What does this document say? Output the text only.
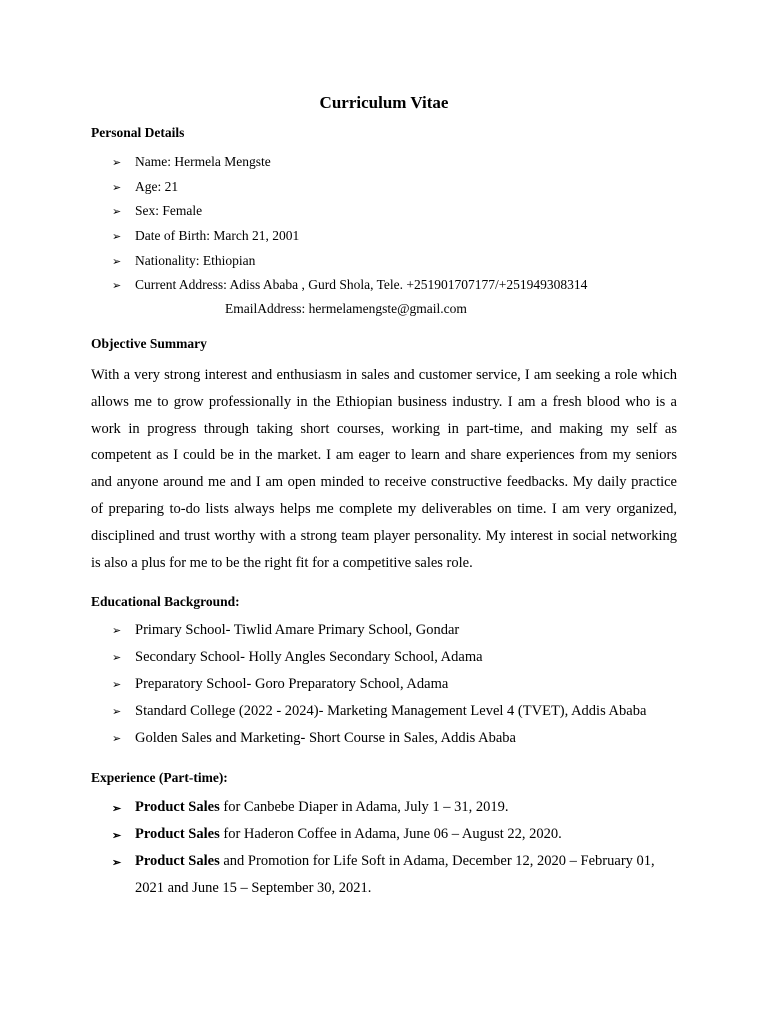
Curriculum Vitae
Personal Details
➢ Name: Hermela Mengste
➢ Age: 21
➢ Sex: Female
➢ Date of Birth: March 21, 2001
➢ Nationality: Ethiopian
➢ Current Address: Adiss Ababa , Gurd Shola, Tele. +251901707177/+251949308314
EmailAddress: hermelamengste@gmail.com
Objective Summary

With a very strong interest and enthusiasm in sales and customer service, I am seeking a role which allows me to grow professionally in the Ethiopian business industry. I am a fresh blood who is a work in progress through taking short courses, working in part-time, and making my self as competent as I could be in the market. I am eager to learn and share experiences from my seniors and anyone around me and I am open minded to receive constructive feedbacks. My daily practice of preparing to-do lists always helps me complete my deliverables on time. I am very organized, disciplined and trust worthy with a strong team player personality. My interest in social networking is also a plus for me to be the right fit for a competitive sales role.

Educational Background:
➢ Primary School- Tiwlid Amare Primary School, Gondar
➢ Secondary School- Holly Angles Secondary School, Adama
➢ Preparatory School- Goro Preparatory School, Adama
➢ Standard College (2022 - 2024)- Marketing Management Level 4 (TVET), Addis Ababa
➢ Golden Sales and Marketing- Short Course in Sales, Addis Ababa
Experience (Part-time):
➢ Product Sales for Canbebe Diaper in Adama, July 1 – 31, 2019.
➢ Product Sales for Haderon Coffee in Adama, June 06 – August 22, 2020.
➢ Product Sales and Promotion for Life Soft in Adama, December 12, 2020 – February 01, 2021 and June 15 – September 30, 2021.
